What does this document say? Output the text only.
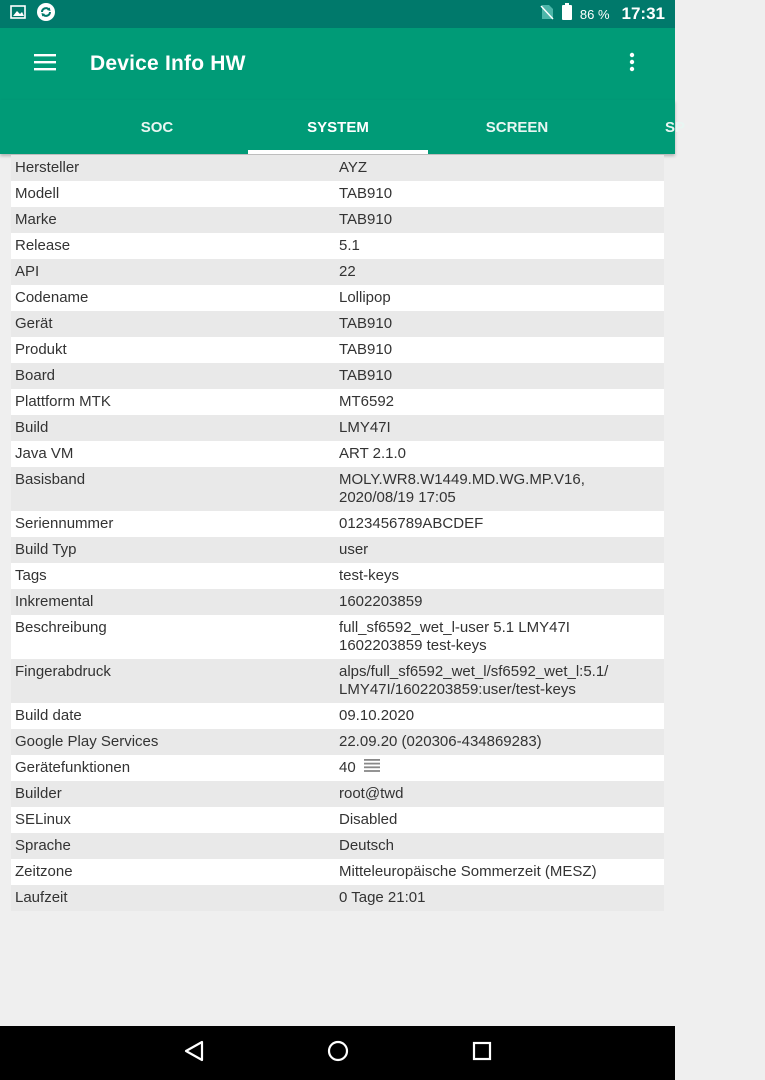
86 % 17:31
Device Info HW
SOC	SYSTEM	SCREEN	SP
Hersteller	AYZ
Modell	TAB910
Marke	TAB910
Release	5.1
API	22
Codename	Lollipop
Gerät	TAB910
Produkt	TAB910
Board	TAB910
Plattform MTK	MT6592
Build	LMY47I
Java VM	ART 2.1.0
Basisband	MOLY.WR8.W1449.MD.WG.MP.V16,
2020/08/19 17:05
Seriennummer	0123456789ABCDEF
Build Typ	user
Tags	test-keys
Inkremental	1602203859
Beschreibung	full_sf6592_wet_l-user 5.1 LMY47I
1602203859 test-keys
Fingerabdruck	alps/full_sf6592_wet_l/sf6592_wet_l:5.1/
LMY47I/1602203859:user/test-keys
Build date	09.10.2020
Google Play Services	22.09.20 (020306-434869283)
Gerätefunktionen	40
Builder	root@twd
SELinux	Disabled
Sprache	Deutsch
Zeitzone	Mitteleuropäische Sommerzeit (MESZ)
Laufzeit	0 Tage 21:01
